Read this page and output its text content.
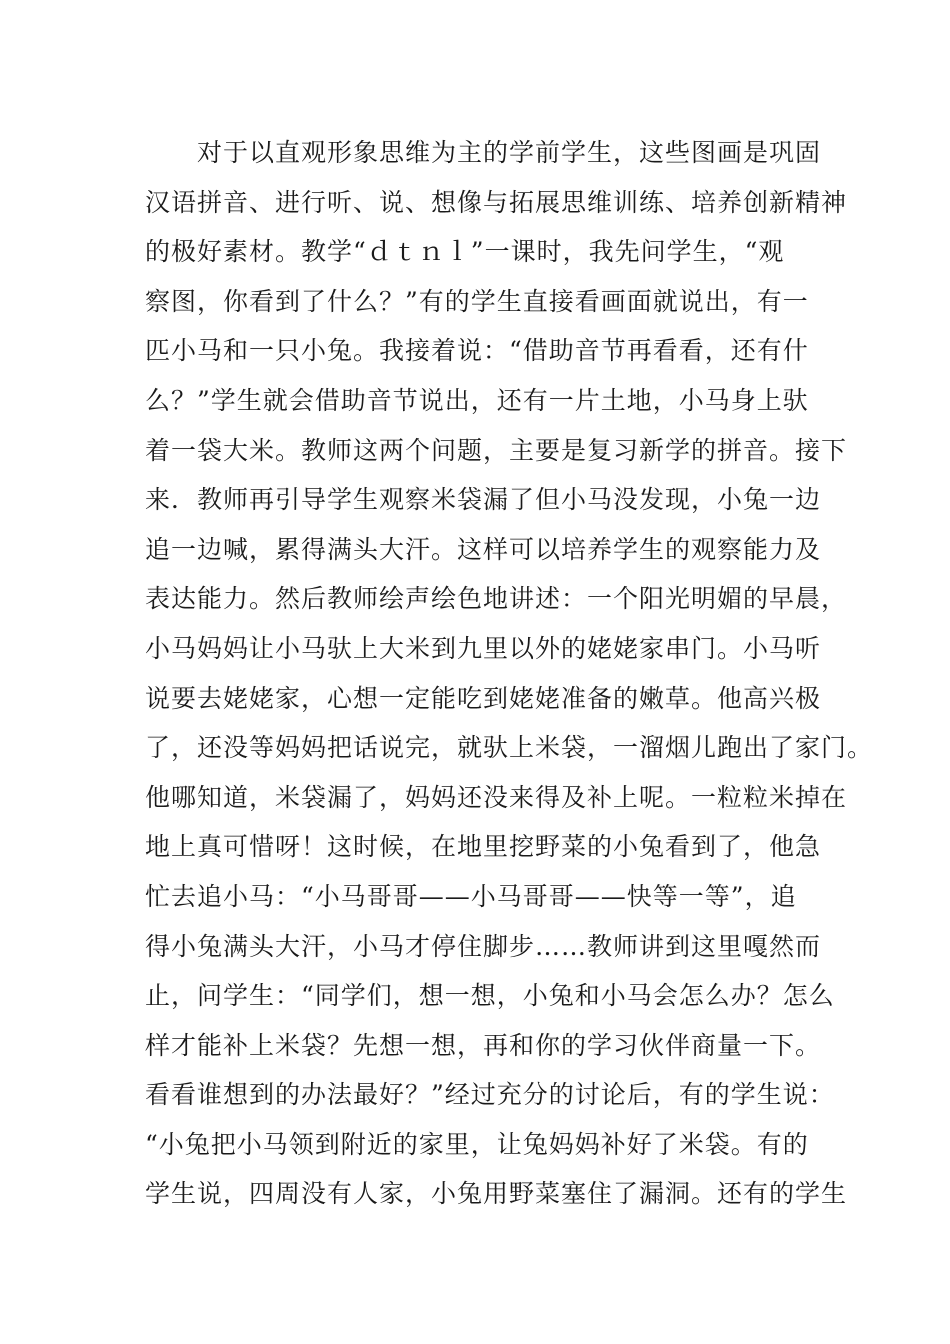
对于以直观形象思维为主的学前学生，这些图画是巩固
汉语拼音、进行听、说、想像与拓展思维训练、培养创新精神
的极好素材。教学“ｄｔｎｌ”一课时，我先问学生，“观
察图，你看到了什么？”有的学生直接看画面就说出，有一
匹小马和一只小兔。我接着说：“借助音节再看看，还有什
么？”学生就会借助音节说出，还有一片土地，小马身上驮
着一袋大米。教师这两个问题，主要是复习新学的拼音。接下
来．教师再引导学生观察米袋漏了但小马没发现，小兔一边
追一边喊，累得满头大汗。这样可以培养学生的观察能力及
表达能力。然后教师绘声绘色地讲述：一个阳光明媚的早晨，
小马妈妈让小马驮上大米到九里以外的姥姥家串门。小马听
说要去姥姥家，心想一定能吃到姥姥准备的嫩草。他高兴极
了，还没等妈妈把话说完，就驮上米袋，一溜烟儿跑出了家门。
他哪知道，米袋漏了，妈妈还没来得及补上呢。一粒粒米掉在
地上真可惜呀！这时候，在地里挖野菜的小兔看到了，他急
忙去追小马：“小马哥哥——小马哥哥——快等一等”，追
得小兔满头大汗，小马才停住脚步……教师讲到这里嘎然而
止，问学生：“同学们，想一想，小兔和小马会怎么办？怎么
样才能补上米袋？先想一想，再和你的学习伙伴商量一下。
看看谁想到的办法最好？”经过充分的讨论后，有的学生说：
“小兔把小马领到附近的家里，让兔妈妈补好了米袋。有的
学生说，四周没有人家，小兔用野菜塞住了漏洞。还有的学生
